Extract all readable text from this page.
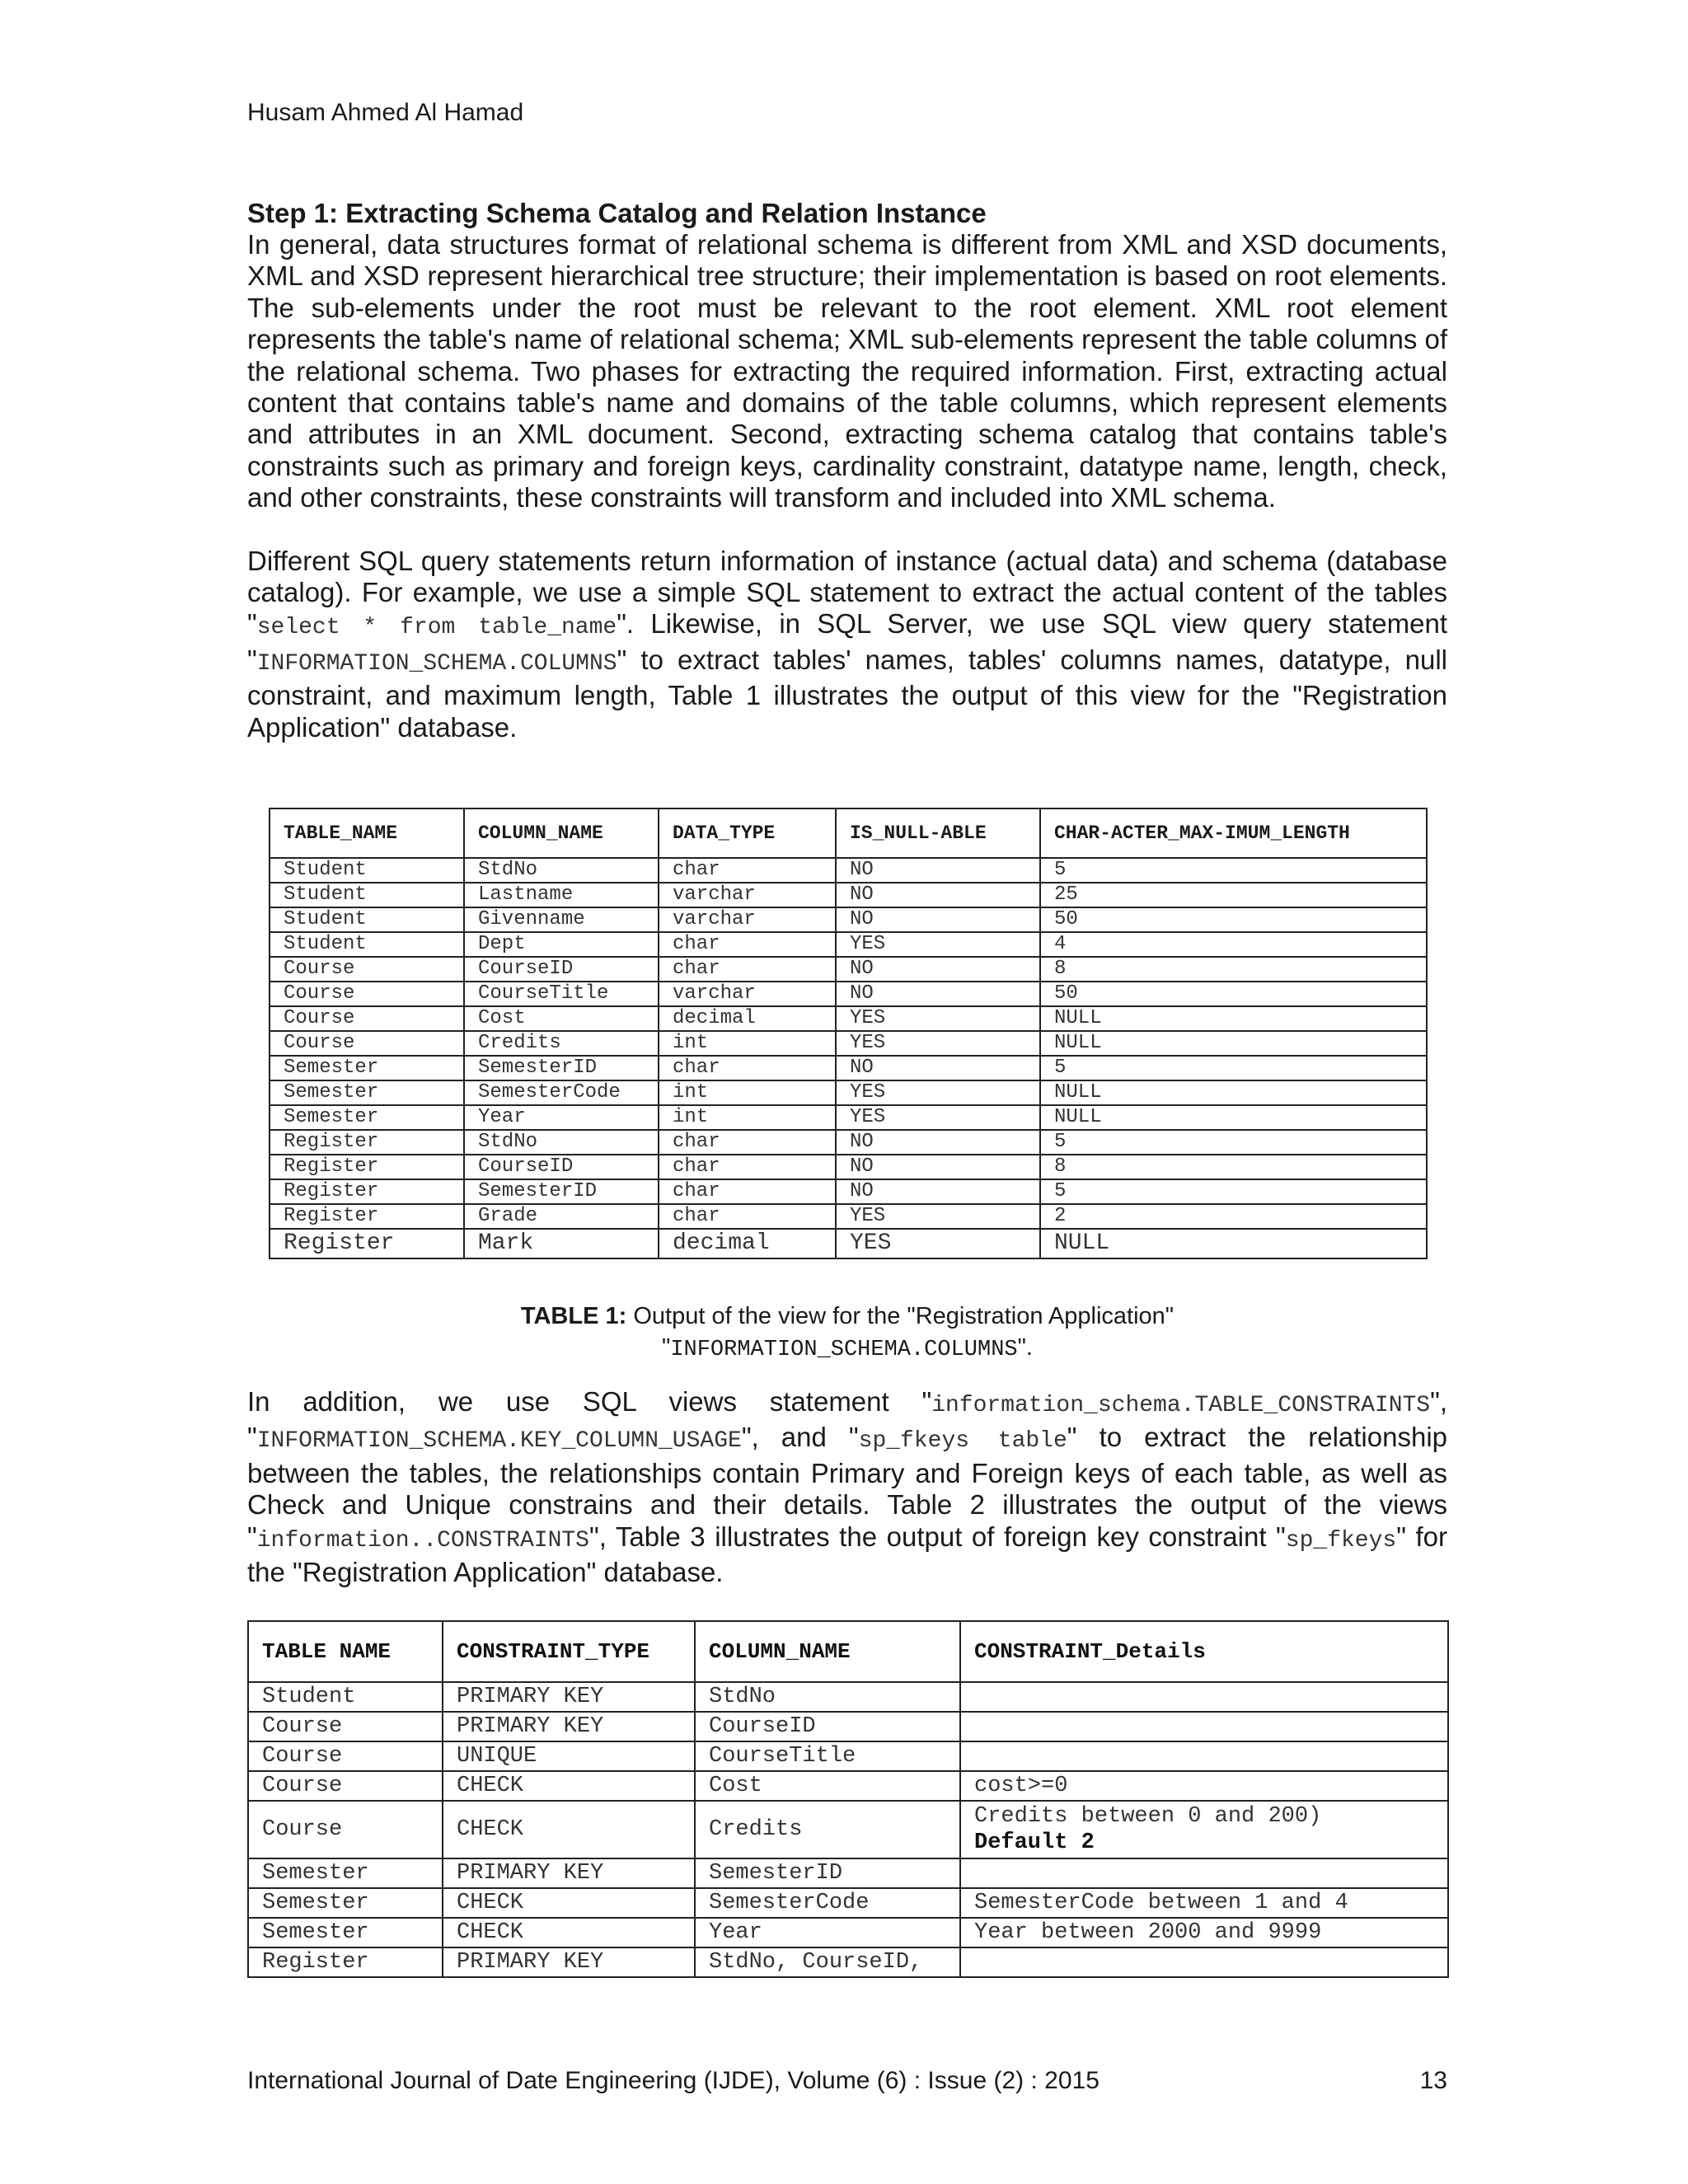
Husam Ahmed Al Hamad

Step 1: Extracting Schema Catalog and Relation Instance

In general, data structures format of relational schema is different from XML and XSD documents, XML and XSD represent hierarchical tree structure; their implementation is based on root elements. The sub-elements under the root must be relevant to the root element. XML root element represents the table's name of relational schema; XML sub-elements represent the table columns of the relational schema. Two phases for extracting the required information. First, extracting actual content that contains table's name and domains of the table columns, which represent elements and attributes in an XML document. Second, extracting schema catalog that contains table's constraints such as primary and foreign keys, cardinality constraint, datatype name, length, check, and other constraints, these constraints will transform and included into XML schema.

Different SQL query statements return information of instance (actual data) and schema (database catalog). For example, we use a simple SQL statement to extract the actual content of the tables "select * from table_name". Likewise, in SQL Server, we use SQL view query statement "INFORMATION_SCHEMA.COLUMNS" to extract tables' names, tables' columns names, datatype, null constraint, and maximum length, Table 1 illustrates the output of this view for the "Registration Application" database.

TABLE_NAME	COLUMN_NAME	DATA_TYPE	IS_NULL-ABLE	CHAR-ACTER_MAX-IMUM_LENGTH
Student	StdNo	char	NO	5
Student	Lastname	varchar	NO	25
Student	Givenname	varchar	NO	50
Student	Dept	char	YES	4
Course	CourseID	char	NO	8
Course	CourseTitle	varchar	NO	50
Course	Cost	decimal	YES	NULL
Course	Credits	int	YES	NULL
Semester	SemesterID	char	NO	5
Semester	SemesterCode	int	YES	NULL
Semester	Year	int	YES	NULL
Register	StdNo	char	NO	5
Register	CourseID	char	NO	8
Register	SemesterID	char	NO	5
Register	Grade	char	YES	2
Register	Mark	decimal	YES	NULL
TABLE 1: Output of the view for the "Registration Application"
"INFORMATION_SCHEMA.COLUMNS".

In addition, we use SQL views statement "information_schema.TABLE_CONSTRAINTS", "INFORMATION_SCHEMA.KEY_COLUMN_USAGE", and "sp_fkeys table" to extract the relationship between the tables, the relationships contain Primary and Foreign keys of each table, as well as Check and Unique constrains and their details. Table 2 illustrates the output of the views "information..CONSTRAINTS", Table 3 illustrates the output of foreign key constraint "sp_fkeys" for the "Registration Application" database.

TABLE NAME	CONSTRAINT_TYPE	COLUMN_NAME	CONSTRAINT_Details
Student	PRIMARY KEY	StdNo	
Course	PRIMARY KEY	CourseID	
Course	UNIQUE	CourseTitle	
Course	CHECK	Cost	cost>=0
Course	CHECK	Credits	Credits between 0 and 200)
Default 2

Semester	PRIMARY KEY	SemesterID	
Semester	CHECK	SemesterCode	SemesterCode between 1 and 4
Semester	CHECK	Year	Year between 2000 and 9999
Register	PRIMARY KEY	StdNo, CourseID,	
International Journal of Date Engineering (IJDE), Volume (6) : Issue (2) : 2015	13
